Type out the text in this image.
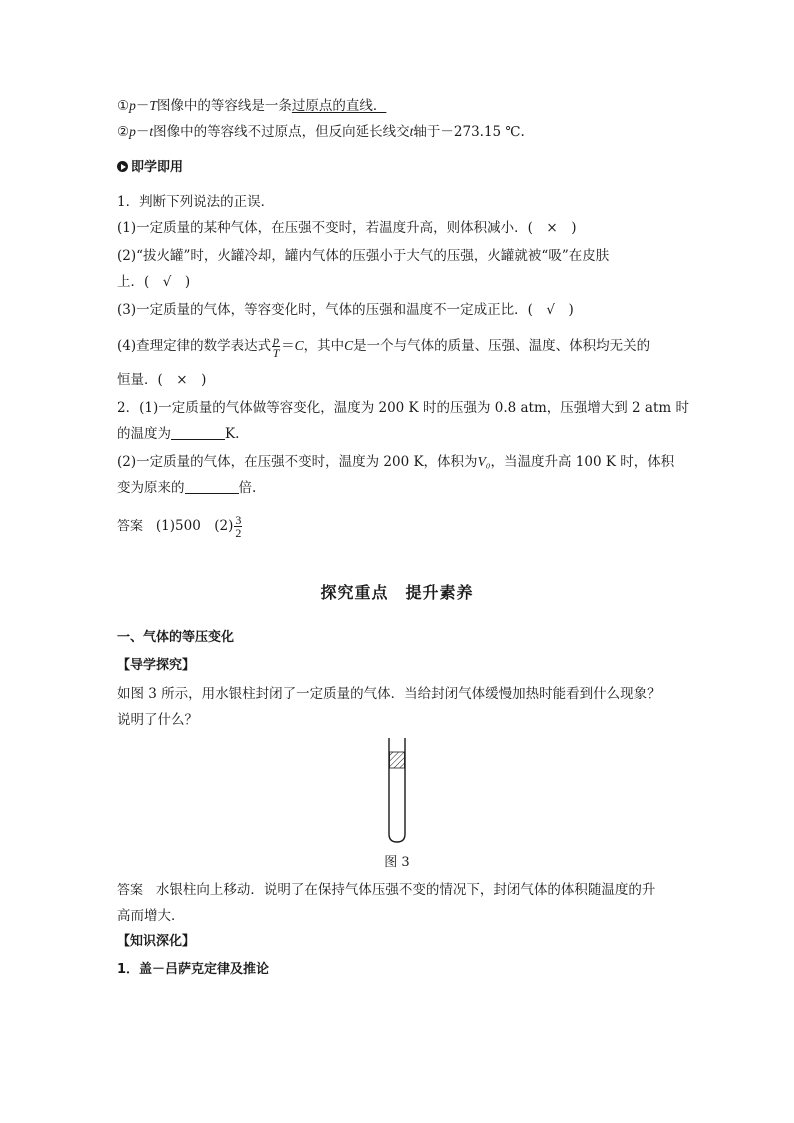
①p－T图像中的等容线是一条过原点的直线．
②p－t图像中的等容线不过原点，但反向延长线交t轴于－273.15 ℃.
即学即用
1．判断下列说法的正误．
(1)一定质量的某种气体，在压强不变时，若温度升高，则体积减小．(　×　)
(2)“拔火罐”时，火罐冷却，罐内气体的压强小于大气的压强，火罐就被“吸”在皮肤
上．(　√　)
(3)一定质量的气体，等容变化时，气体的压强和温度不一定成正比．(　√　)
(4)查理定律的数学表达式 $\frac{p}{T} =C$，其中C是一个与气体的质量、压强、温度、体积均无关的
恒量．(　×　)
2．(1)一定质量的气体做等容变化，温度为 200 K 时的压强为 0.8 atm，压强增大到 2 atm 时
的温度为	K.
(2)一定质量的气体，在压强不变时，温度为 200 K，体积为V₀，当温度升高 100 K 时，体积
变为原来的	倍.
答案 (1)500　$(2) \frac{3}{2}$
探究重点　提升素养
一、气体的等压变化
【导学探究】
如图 3 所示，用水银柱封闭了一定质量的气体．当给封闭气体缓慢加热时能看到什么现象？
说明了什么？
图 3
答案 水银柱向上移动．说明了在保持气体压强不变的情况下，封闭气体的体积随温度的升
高而增大．
【知识深化】
1．盖－吕萨克定律及推论
